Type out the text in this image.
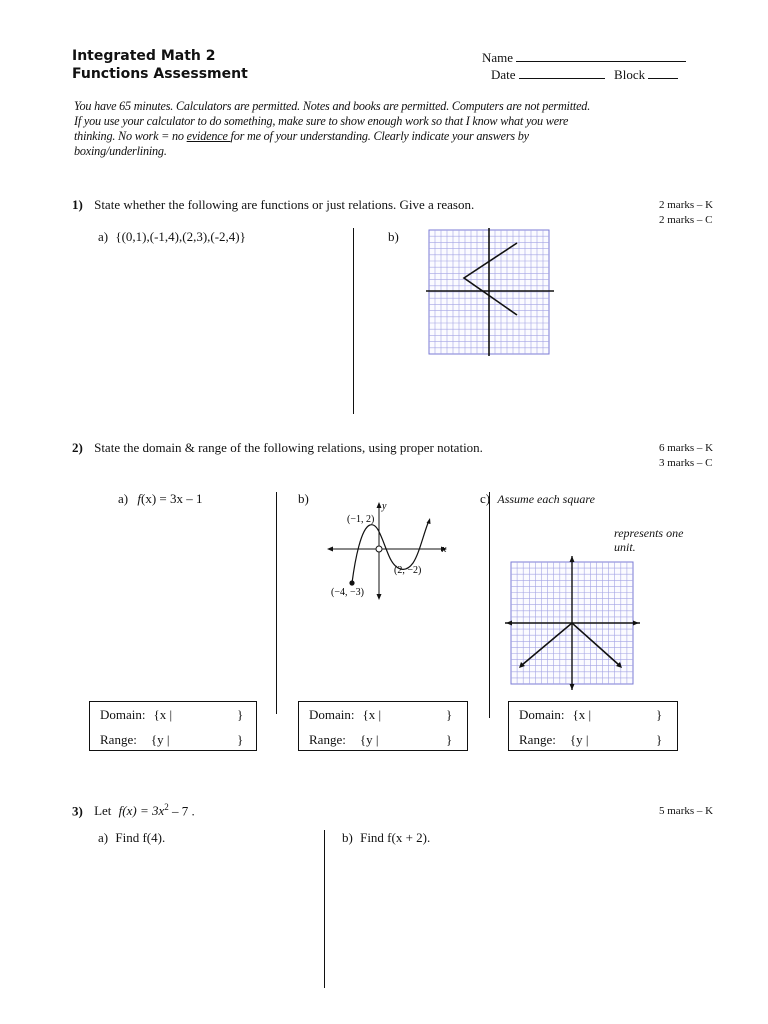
Integrated Math 2
Functions Assessment
Name
Date	Block
You have 65 minutes. Calculators are permitted. Notes and books are permitted. Computers are not permitted.
If you use your calculator to do something, make sure to show enough work so that I know what you were
thinking. No work = no evidence for me of your understanding. Clearly indicate your answers by
boxing/underlining.
1) State whether the following are functions or just relations. Give a reason.	2 marks – K
2 marks – C
a) {(0,1),(-1,4),(2,3),(-2,4)}	b)
2) State the domain & range of the following relations, using proper notation.	6 marks – K
3 marks – C
a) f(x) = 3x – 1	b)
y
x
(−1, 2)
(2, −2)
(−4, −3)
c) Assume each square
represents one
unit.
Domain: {x |	}
Range: {y |	}
Domain: {x |	}
Range: {y |	}
Domain: {x |	}
Range: {y |	}
3) Let $f(x) = 3x^2 - 7$ .	5 marks – K
a) Find f(4).	b) Find f(x + 2).
